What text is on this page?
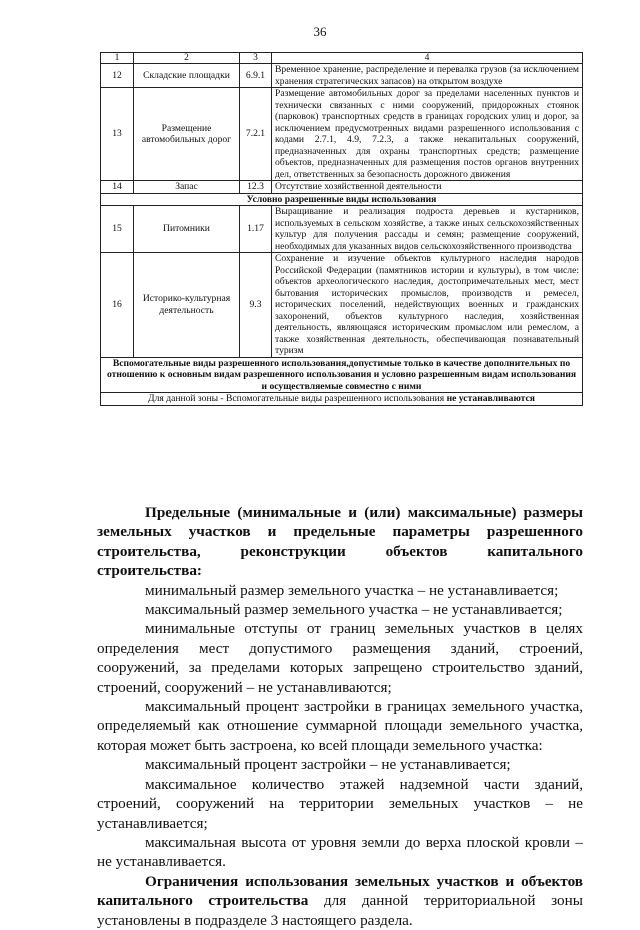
36
1	2	3	4
12	Складские площадки	6.9.1	Временное хранение, распределение и перевалка грузов (за исключением хранения стратегических запасов) на открытом воздухе
13	Размещение автомобильных дорог	7.2.1	Размещение автомобильных дорог за пределами населенных пунктов и технически связанных с ними сооружений, придорожных стоянок (парковок) транспортных средств в границах городских улиц и дорог, за исключением предусмотренных видами разрешенного использования с кодами 2.7.1, 4.9, 7.2.3, а также некапитальных сооружений, предназначенных для охраны транспортных средств; размещение объектов, предназначенных для размещения постов органов внутренних дел, ответственных за безопасность дорожного движения
14	Запас	12.3	Отсутствие хозяйственной деятельности
Условно разрешенные виды использования			
15	Питомники	1.17	Выращивание и реализация подроста деревьев и кустарников, используемых в сельском хозяйстве, а также иных сельскохозяйственных культур для получения рассады и семян; размещение сооружений, необходимых для указанных видов сельскохозяйственного производства
16	Историко-культурная деятельность	9.3	Сохранение и изучение объектов культурного наследия народов Российской Федерации (памятников истории и культуры), в том числе: объектов археологического наследия, достопримечательных мест, мест бытования исторических промыслов, производств и ремесел, исторических поселений, недействующих военных и гражданских захоронений, объектов культурного наследия, хозяйственная деятельность, являющаяся историческим промыслом или ремеслом, а также хозяйственная деятельность, обеспечивающая познавательный туризм
Вспомогательные виды разрешенного использования,допустимые только в качестве дополнительных по отношению к основным видам разрешенного использования и условно разрешенным видам использования и осуществляемые совместно с ними			
Для данной зоны - Вспомогательные виды разрешенного использования не устанавливаются			

Предельные (минимальные и (или) максимальные) размеры земельных участков и предельные параметры разрешенного строительства, реконструкции объектов капитального строительства:

минимальный размер земельного участка – не устанавливается;

максимальный размер земельного участка – не устанавливается;

минимальные отступы от границ земельных участков в целях определения мест допустимого размещения зданий, строений, сооружений, за пределами которых запрещено строительство зданий, строений, сооружений – не устанавливаются;

максимальный процент застройки в границах земельного участка, определяемый как отношение суммарной площади земельного участка, которая может быть застроена, ко всей площади земельного участка:

максимальный процент застройки – не устанавливается;

максимальное количество этажей надземной части зданий, строений, сооружений на территории земельных участков – не устанавливается;

максимальная высота от уровня земли до верха плоской кровли – не устанавливается.

Ограничения использования земельных участков и объектов капитального строительства для данной территориальной зоны установлены в подразделе 3 настоящего раздела.
